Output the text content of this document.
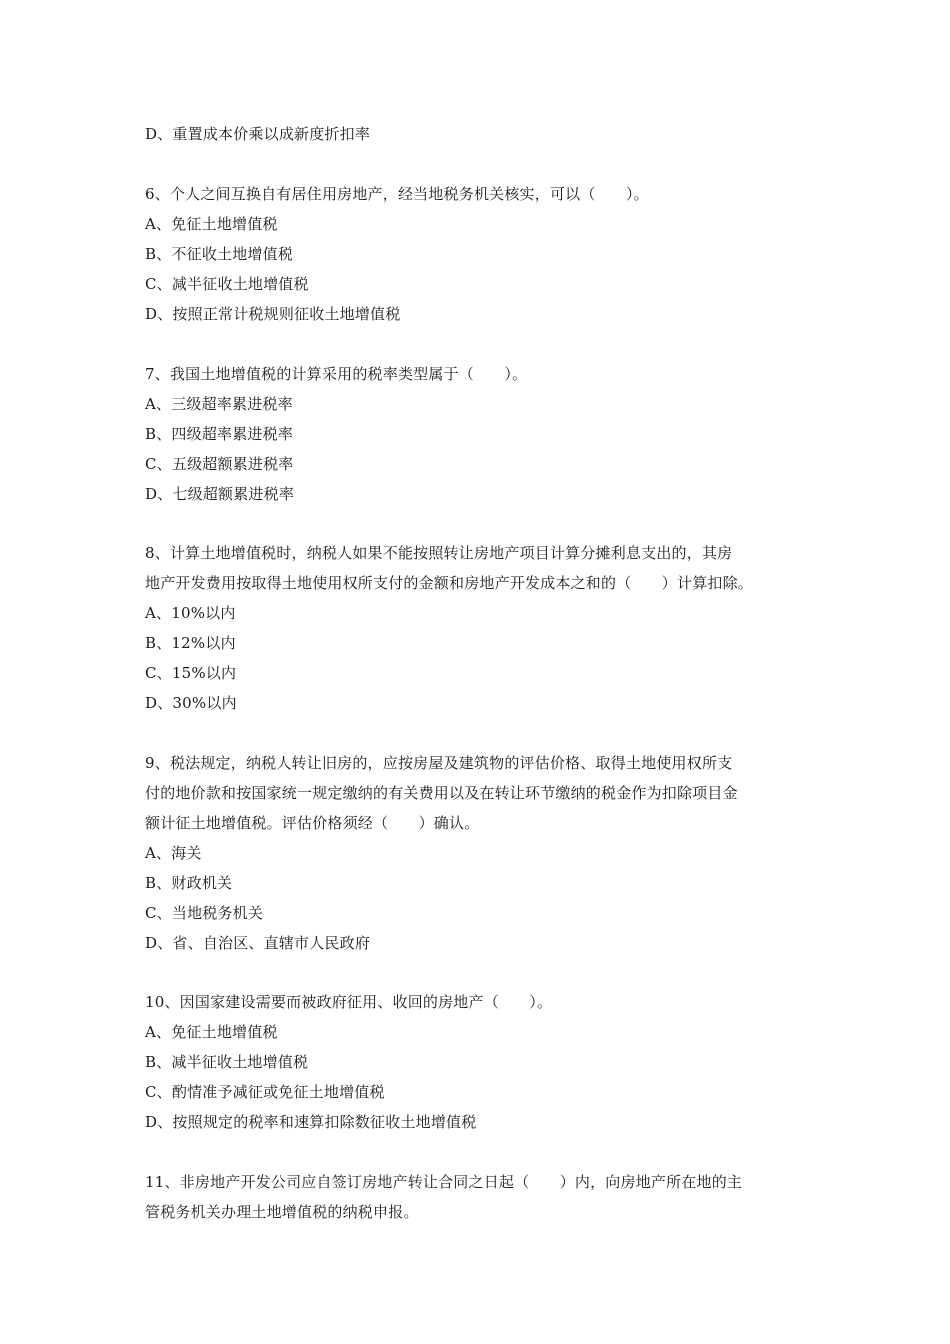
D、重置成本价乘以成新度折扣率
6、个人之间互换自有居住用房地产，经当地税务机关核实，可以（　　）。
A、免征土地增值税
B、不征收土地增值税
C、减半征收土地增值税
D、按照正常计税规则征收土地增值税
7、我国土地增值税的计算采用的税率类型属于（　　）。
A、三级超率累进税率
B、四级超率累进税率
C、五级超额累进税率
D、七级超额累进税率
8、计算土地增值税时，纳税人如果不能按照转让房地产项目计算分摊利息支出的，其房
地产开发费用按取得土地使用权所支付的金额和房地产开发成本之和的（　　）计算扣除。
A、10%以内
B、12%以内
C、15%以内
D、30%以内
9、税法规定，纳税人转让旧房的，应按房屋及建筑物的评估价格、取得土地使用权所支
付的地价款和按国家统一规定缴纳的有关费用以及在转让环节缴纳的税金作为扣除项目金
额计征土地增值税。评估价格须经（　　）确认。
A、海关
B、财政机关
C、当地税务机关
D、省、自治区、直辖市人民政府
10、因国家建设需要而被政府征用、收回的房地产（　　）。
A、免征土地增值税
B、减半征收土地增值税
C、酌情准予减征或免征土地增值税
D、按照规定的税率和速算扣除数征收土地增值税
11、非房地产开发公司应自签订房地产转让合同之日起（　　）内，向房地产所在地的主
管税务机关办理土地增值税的纳税申报。
